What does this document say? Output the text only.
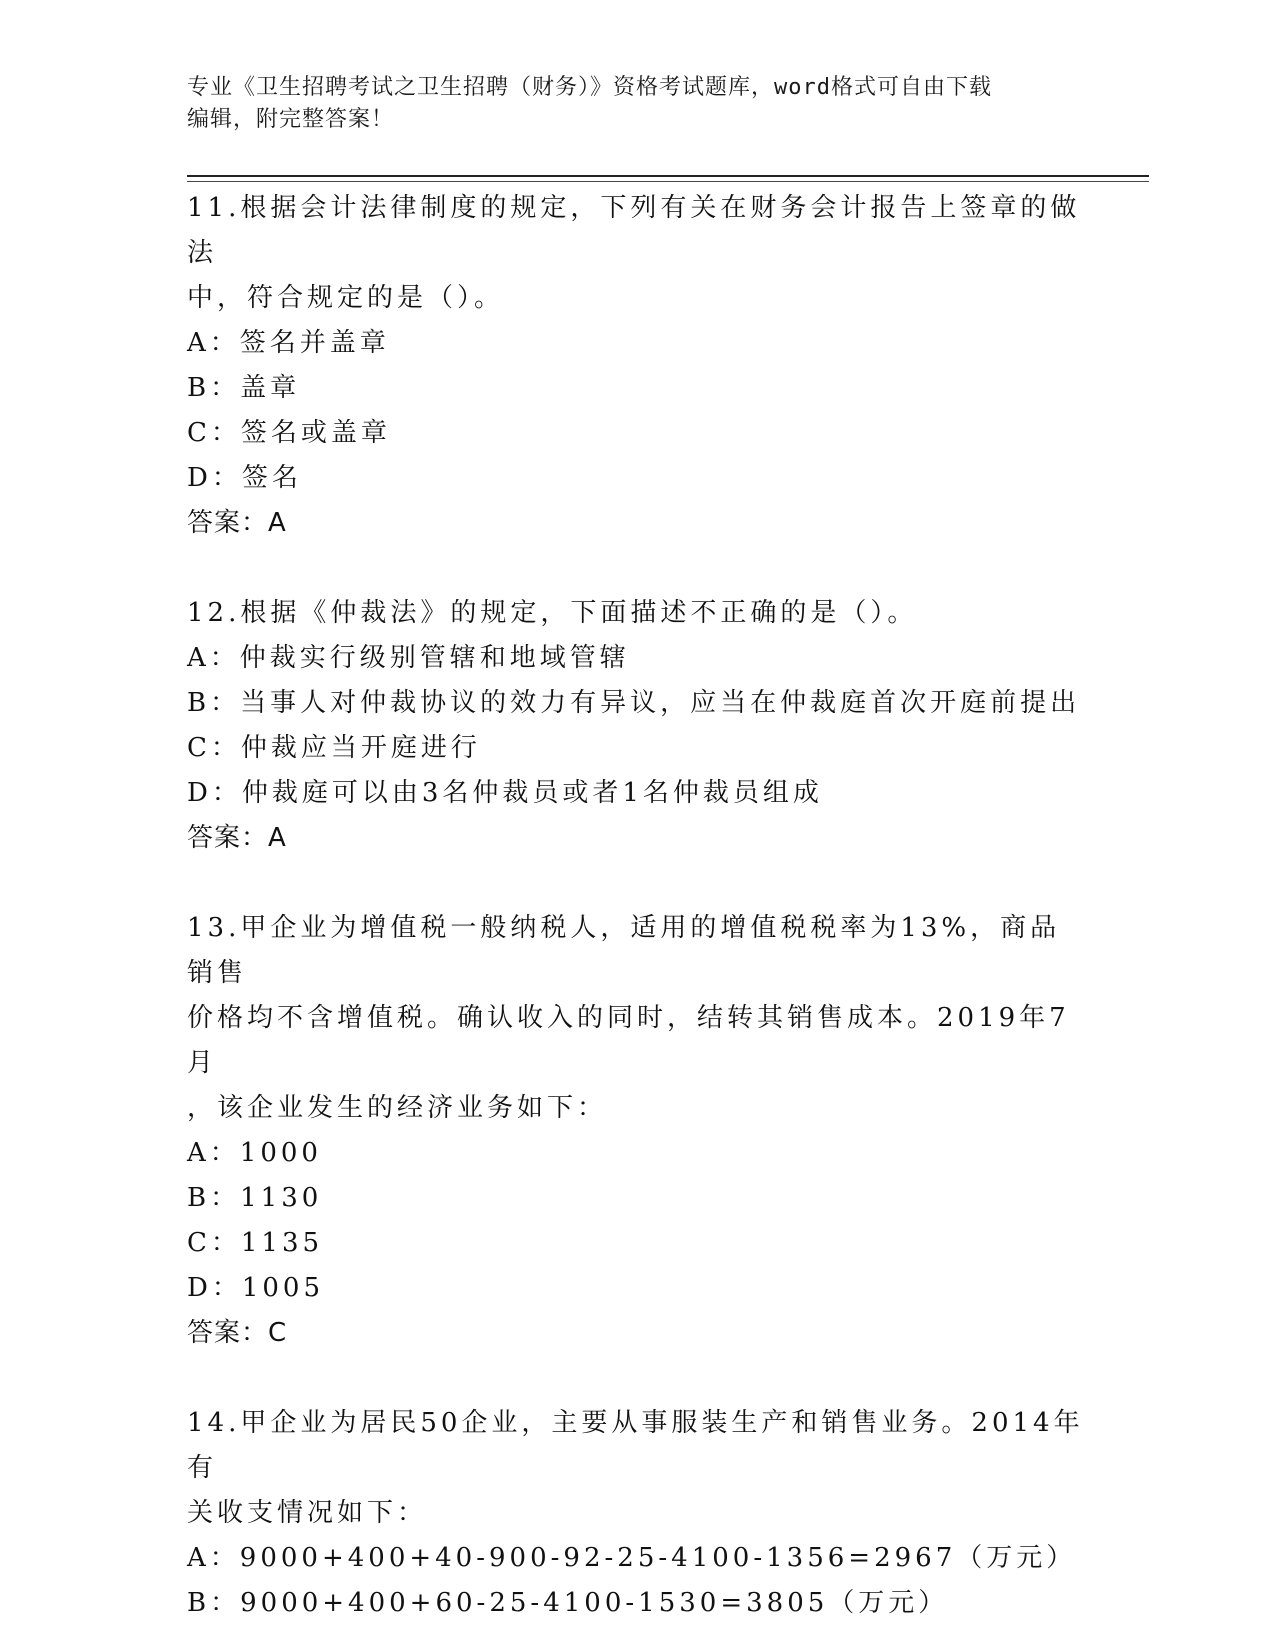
专业《卫生招聘考试之卫生招聘（财务）》资格考试题库，word格式可自由下载
编辑，附完整答案！

11.根据会计法律制度的规定，下列有关在财务会计报告上签章的做法

中，符合规定的是（）。

A：签名并盖章

B：盖章

C：签名或盖章

D：签名

答案：A

12.根据《仲裁法》的规定，下面描述不正确的是（）。

A：仲裁实行级别管辖和地域管辖

B：当事人对仲裁协议的效力有异议，应当在仲裁庭首次开庭前提出

C：仲裁应当开庭进行

D：仲裁庭可以由3名仲裁员或者1名仲裁员组成

答案：A

13.甲企业为增值税一般纳税人，适用的增值税税率为13%，商品销售

价格均不含增值税。确认收入的同时，结转其销售成本。2019年7月

，该企业发生的经济业务如下：

A：1000

B：1130

C：1135

D：1005

答案：C

14.甲企业为居民50企业，主要从事服装生产和销售业务。2014年有

关收支情况如下：

A：9000+400+40-900-92-25-4100-1356=2967（万元）

B：9000+400+60-25-4100-1530=3805（万元）
